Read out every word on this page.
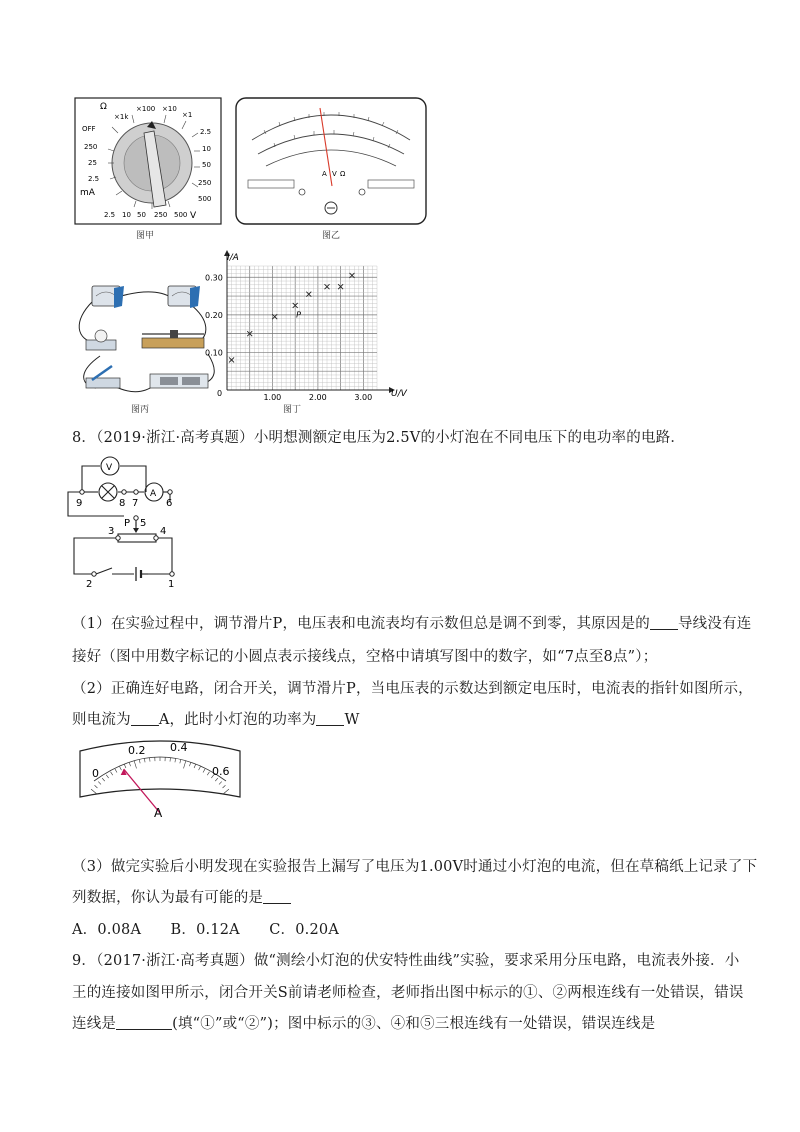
Ω
×1k
×100 ×10
×1
2.5
10
50
250
500
OFF
250
25
2.5
mA
2.5 10 50 250 500 V
图甲
A V Ω
图乙
图丙
1.00	2.00	3.00
0.10
0.20
0.30
I/A
U/V
0
P
图丁
8．（2019·浙江·高考真题）小明想测额定电压为2.5V的小灯泡在不同电压下的电功率的电路．
V
A
9	8 7	6
P 5
3	4
2	1
（1）在实验过程中，调节滑片P，电压表和电流表均有示数但总是调不到零，其原因是的 导线没有连
接好（图中用数字标记的小圆点表示接线点，空格中请填写图中的数字，如“7点至8点”）；
（2）正确连好电路，闭合开关，调节滑片P，当电压表的示数达到额定电压时，电流表的指针如图所示，
则电流为 A，此时小灯泡的功率为 W
0
0.2 0.4
0.6
A
（3）做完实验后小明发现在实验报告上漏写了电压为1.00V时通过小灯泡的电流，但在草稿纸上记录了下
列数据，你认为最有可能的是
A．0.08A　　B．0.12A　　C．0.20A
9．（2017·浙江·高考真题）做“测绘小灯泡的伏安特性曲线”实验，要求采用分压电路，电流表外接．小
王的连接如图甲所示，闭合开关S前请老师检查，老师指出图中标示的①、②两根连线有一处错误，错误
连线是	(填“①”或“②”)；图中标示的③、④和⑤三根连线有一处错误，错误连线是
